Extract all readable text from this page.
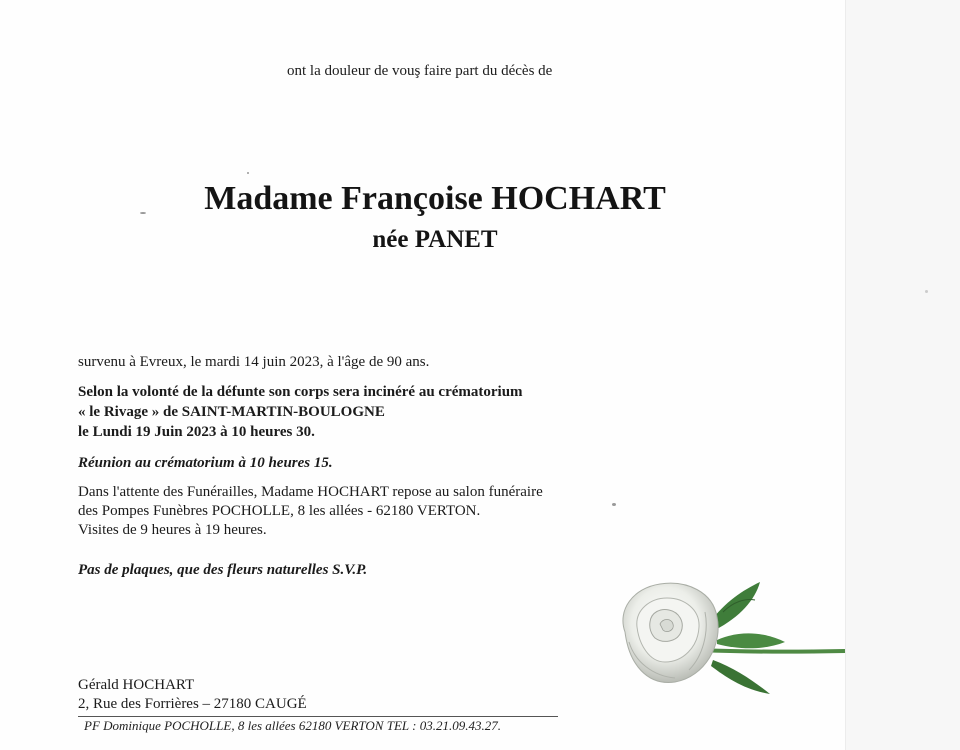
ont la douleur de vouş faire part du décès de
Madame Françoise HOCHART
née PANET
survenu à Evreux, le mardi 14 juin 2023, à l'âge de 90 ans.
Selon la volonté de la défunte son corps sera incinéré au crématorium
« le Rivage » de SAINT-MARTIN-BOULOGNE
le Lundi 19 Juin 2023 à 10 heures 30.
Réunion au crématorium à 10 heures 15.
Dans l'attente des Funérailles, Madame HOCHART repose au salon funéraire
des Pompes Funèbres POCHOLLE, 8 les allées - 62180 VERTON.
Visites de 9 heures à 19 heures.
Pas de plaques, que des fleurs naturelles S.V.P.
Gérald HOCHART
2, Rue des Forrières – 27180 CAUGÉ
PF Dominique POCHOLLE, 8 les allées 62180 VERTON TEL : 03.21.09.43.27.
